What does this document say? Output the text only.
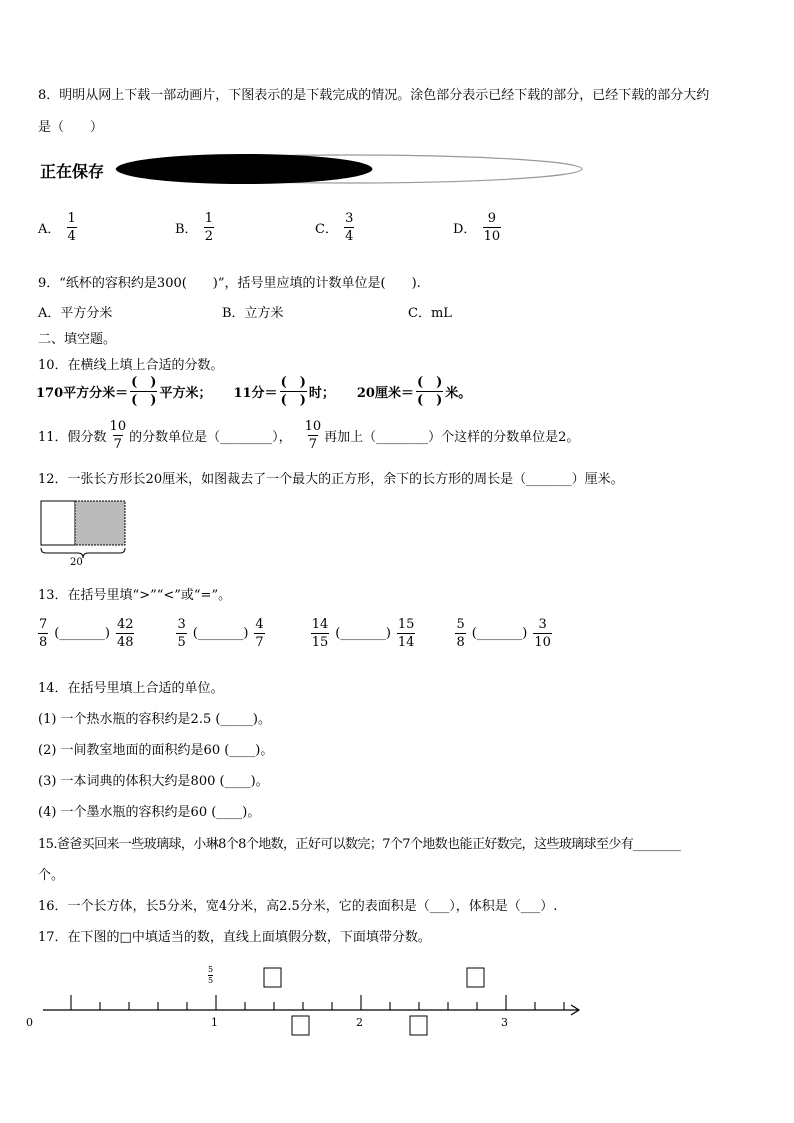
8．明明从网上下载一部动画片，下图表示的是下载完成的情况。涂色部分表示已经下载的部分，已经下载的部分大约
是（　　）
正在保存
A． $\frac{1}{4}$	B． $\frac{1}{2}$	C． $\frac{3}{4}$	D． $\frac{9}{10}$
9．“纸杯的容积约是300(　　)”，括号里应填的计数单位是(　　).
A．平方分米	B．立方米	C．mL
二、填空题。
10．在横线上填上合适的分数。
170平方分米＝ $\frac{( )}{( )}$ 平方米； 11分＝ $\frac{( )}{( )}$ 时； 20厘米＝ $\frac{( )}{( )}$ 米。
11．假分数 $\frac{10}{7}$ 的分数单位是（________）， $\frac{10}{7}$ 再加上（________）个这样的分数单位是2。
12．一张长方形长20厘米，如图裁去了一个最大的正方形，余下的长方形的周长是（_______）厘米。
20
13．在括号里填“>”“<”或“=”。
$\frac{7}{8}$ (_______) $\frac{42}{48}$	$\frac{3}{5}$ (_______) $\frac{4}{7}$	$\frac{14}{15}$ (_______) $\frac{15}{14}$	$\frac{5}{8}$ (_______) $\frac{3}{10}$
14．在括号里填上合适的单位。
(1) 一个热水瓶的容积约是2.5 (_____)。
(2) 一间教室地面的面积约是60 (____)。
(3) 一本词典的体积大约是800 (____)。
(4) 一个墨水瓶的容积约是60 (____)。
15.爸爸买回来一些玻璃球，小琳8个8个地数，正好可以数完；7个7个地数也能正好数完，这些玻璃球至少有________
个。
16．一个长方体，长5分米，宽4分米，高2.5分米，它的表面积是（___），体积是（___）.
17．在下图的□中填适当的数，直线上面填假分数，下面填带分数。
0	1	2	3
5
5
